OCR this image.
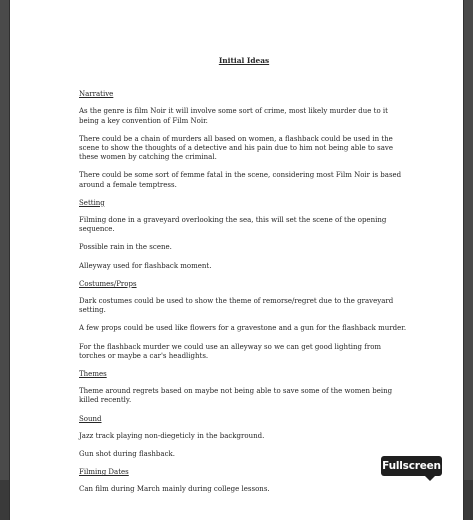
Initial Ideas
Narrative
As the genre is film Noir it will involve some sort of crime, most likely murder due to it being a key convention of Film Noir.
There could be a chain of murders all based on women, a flashback could be used in the scene to show the thoughts of a detective and his pain due to him not being able to save these women by catching the criminal.
There could be some sort of femme fatal in the scene, considering most Film Noir is based around a female temptress.
Setting
Filming done in a graveyard overlooking the sea, this will set the scene of the opening sequence.
Possible rain in the scene.
Alleyway used for flashback moment.
Costumes/Props
Dark costumes could be used to show the theme of remorse/regret due to the graveyard setting.
A few props could be used like flowers for a gravestone and a gun for the flashback murder.
For the flashback murder we could use an alleyway so we can get good lighting from torches or maybe a car's headlights.
Themes
Theme around regrets based on maybe not being able to save some of the women being killed recently.
Sound
Jazz track playing non-diegeticly in the background.
Gun shot during flashback.
Filming Dates
Can film during March mainly during college lessons.
Fullscreen
